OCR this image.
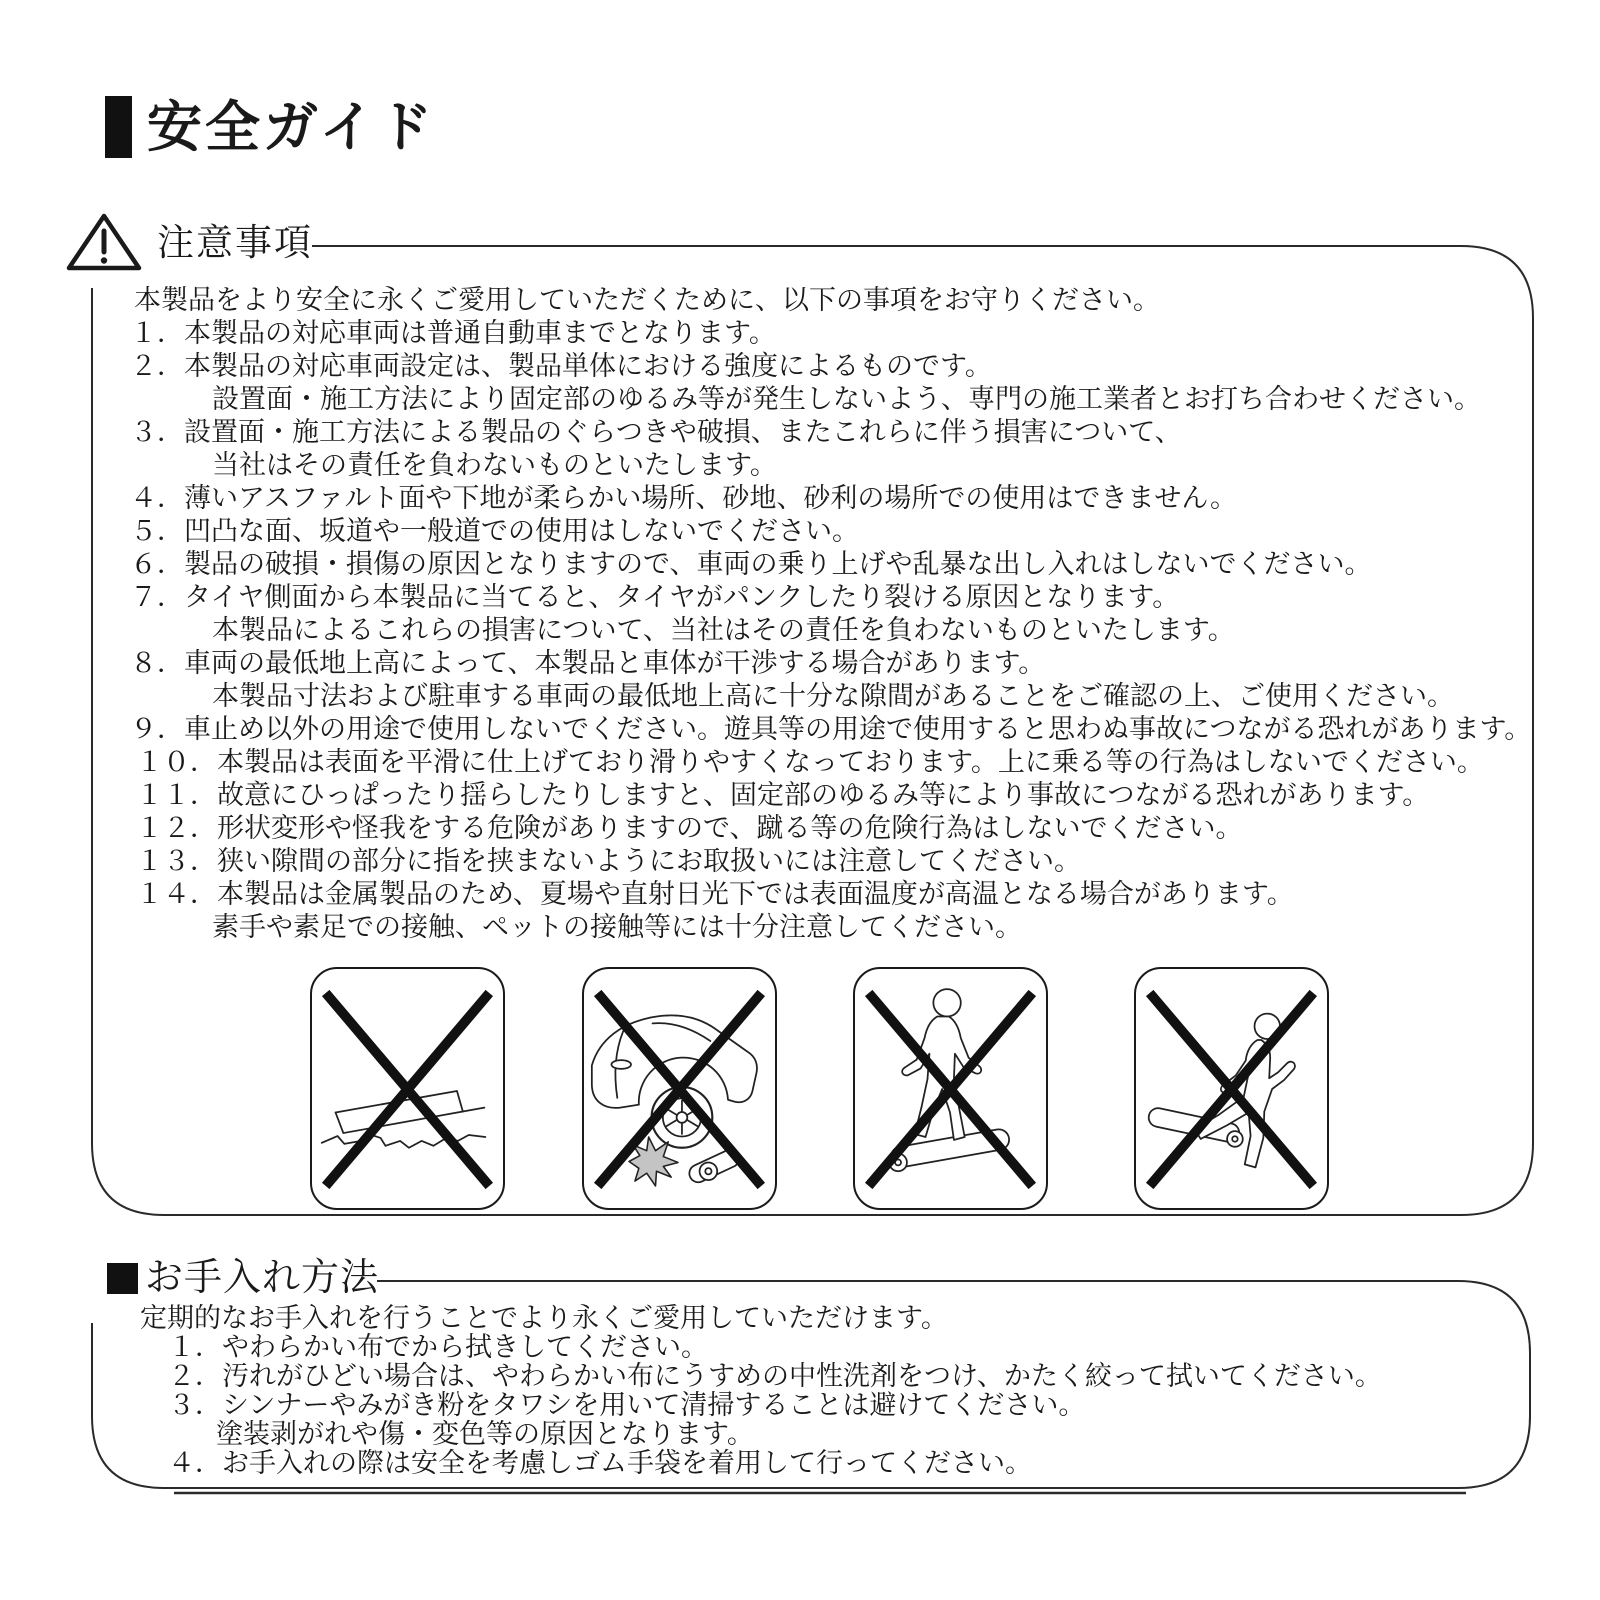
安全ガイド
注意事項
本製品をより安全に永くご愛用していただくために、以下の事項をお守りください。
１．本製品の対応車両は普通自動車までとなります。
２．本製品の対応車両設定は、製品単体における強度によるものです。
設置面・施工方法により固定部のゆるみ等が発生しないよう、専門の施工業者とお打ち合わせください。
３．設置面・施工方法による製品のぐらつきや破損、またこれらに伴う損害について、
当社はその責任を負わないものといたします。
４．薄いアスファルト面や下地が柔らかい場所、砂地、砂利の場所での使用はできません。
５．凹凸な面、坂道や一般道での使用はしないでください。
６．製品の破損・損傷の原因となりますので、車両の乗り上げや乱暴な出し入れはしないでください。
７．タイヤ側面から本製品に当てると、タイヤがパンクしたり裂ける原因となります。
本製品によるこれらの損害について、当社はその責任を負わないものといたします。
８．車両の最低地上高によって、本製品と車体が干渉する場合があります。
本製品寸法および駐車する車両の最低地上高に十分な隙間があることをご確認の上、ご使用ください。
９．車止め以外の用途で使用しないでください。遊具等の用途で使用すると思わぬ事故につながる恐れがあります。
１０．本製品は表面を平滑に仕上げており滑りやすくなっております。上に乗る等の行為はしないでください。
１１．故意にひっぱったり揺らしたりしますと、固定部のゆるみ等により事故につながる恐れがあります。
１２．形状変形や怪我をする危険がありますので、蹴る等の危険行為はしないでください。
１３．狭い隙間の部分に指を挟まないようにお取扱いには注意してください。
１４．本製品は金属製品のため、夏場や直射日光下では表面温度が高温となる場合があります。
素手や素足での接触、ペットの接触等には十分注意してください。
お手入れ方法
定期的なお手入れを行うことでより永くご愛用していただけます。
１．やわらかい布でから拭きしてください。
２．汚れがひどい場合は、やわらかい布にうすめの中性洗剤をつけ、かたく絞って拭いてください。
３．シンナーやみがき粉をタワシを用いて清掃することは避けてください。
塗装剥がれや傷・変色等の原因となります。
４．お手入れの際は安全を考慮しゴム手袋を着用して行ってください。
